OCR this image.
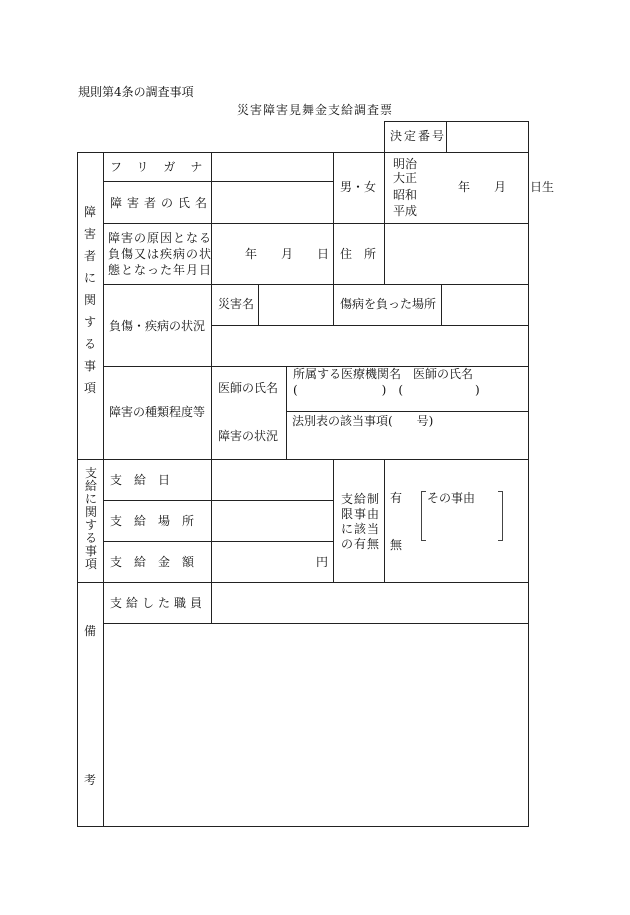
規則第4条の調査事項
災害障害見舞金支給調査票
決定番号
障害者に関する事項
フリガナ
障害者の氏名
男・女
明治
大正
昭和
平成
年　　月　　日生
障害の原因となる
負傷又は疾病の状
態となった年月日
年　　月　　日 住　所
負傷・疾病の状況
災害名	傷病を負った場所
障害の種類程度等
医師の氏名
所属する医療機関名　医師の氏名
(　　　　　　　)　(　　　　　　)
障害の状況
法別表の該当事項(　　号)
支給に関する事項
支　給　日
支　給　場　所
支　給　金　額	円
支給制
限事由
に該当
の有無
有
無
その事由
備
考
支給した職員
